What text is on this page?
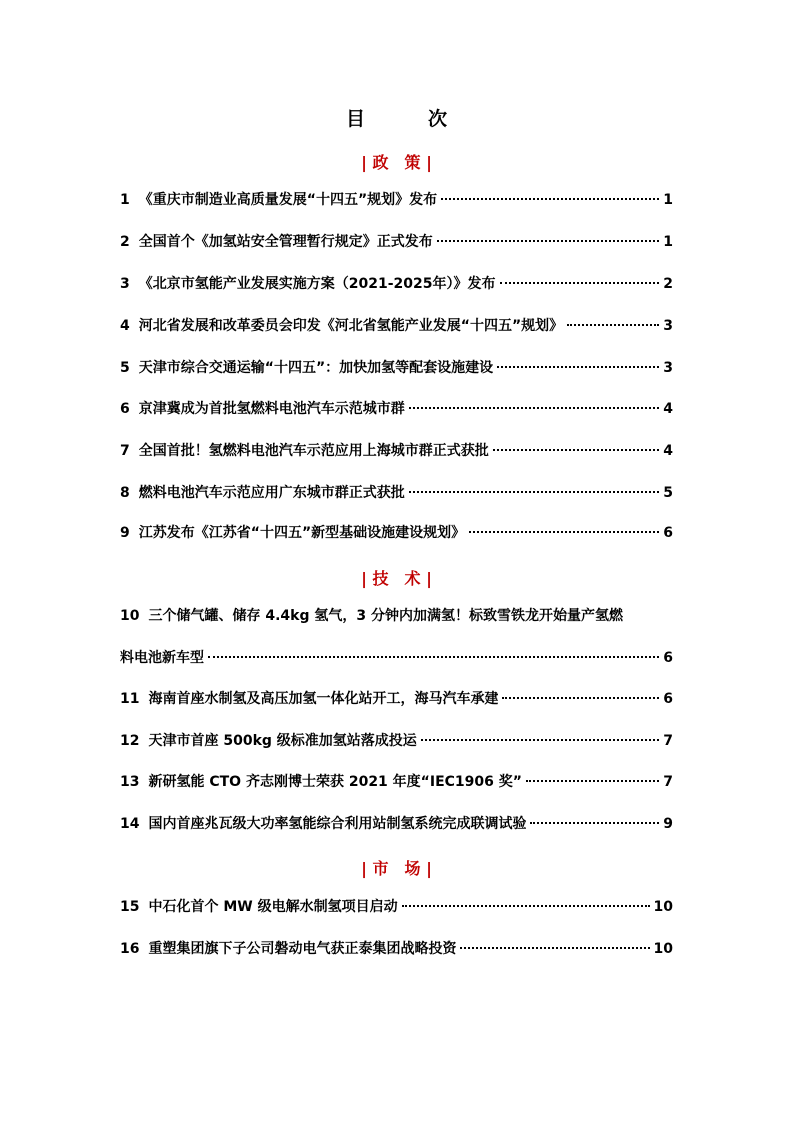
目　次
| 政　策 |
1 《重庆市制造业高质量发展“十四五”规划》发布	1
2 全国首个《加氢站安全管理暂行规定》正式发布	1
3 《北京市氢能产业发展实施方案（2021-2025年）》发布	2
4 河北省发展和改革委员会印发《河北省氢能产业发展“十四五”规划》	3
5 天津市综合交通运输“十四五”：加快加氢等配套设施建设	3
6 京津冀成为首批氢燃料电池汽车示范城市群	4
7 全国首批！氢燃料电池汽车示范应用上海城市群正式获批	4
8 燃料电池汽车示范应用广东城市群正式获批	5
9 江苏发布《江苏省“十四五”新型基础设施建设规划》	6
| 技　术 |
10 三个储气罐、储存 4.4kg 氢气，3 分钟内加满氢！标致雪铁龙开始量产氢燃
料电池新车型	6
11 海南首座水制氢及高压加氢一体化站开工，海马汽车承建	6
12 天津市首座 500kg 级标准加氢站落成投运	7
13 新研氢能 CTO 齐志刚博士荣获 2021 年度“IEC1906 奖”	7
14 国内首座兆瓦级大功率氢能综合利用站制氢系统完成联调试验	9
| 市　场 |
15 中石化首个 MW 级电解水制氢项目启动	10
16 重塑集团旗下子公司磐动电气获正泰集团战略投资	10
